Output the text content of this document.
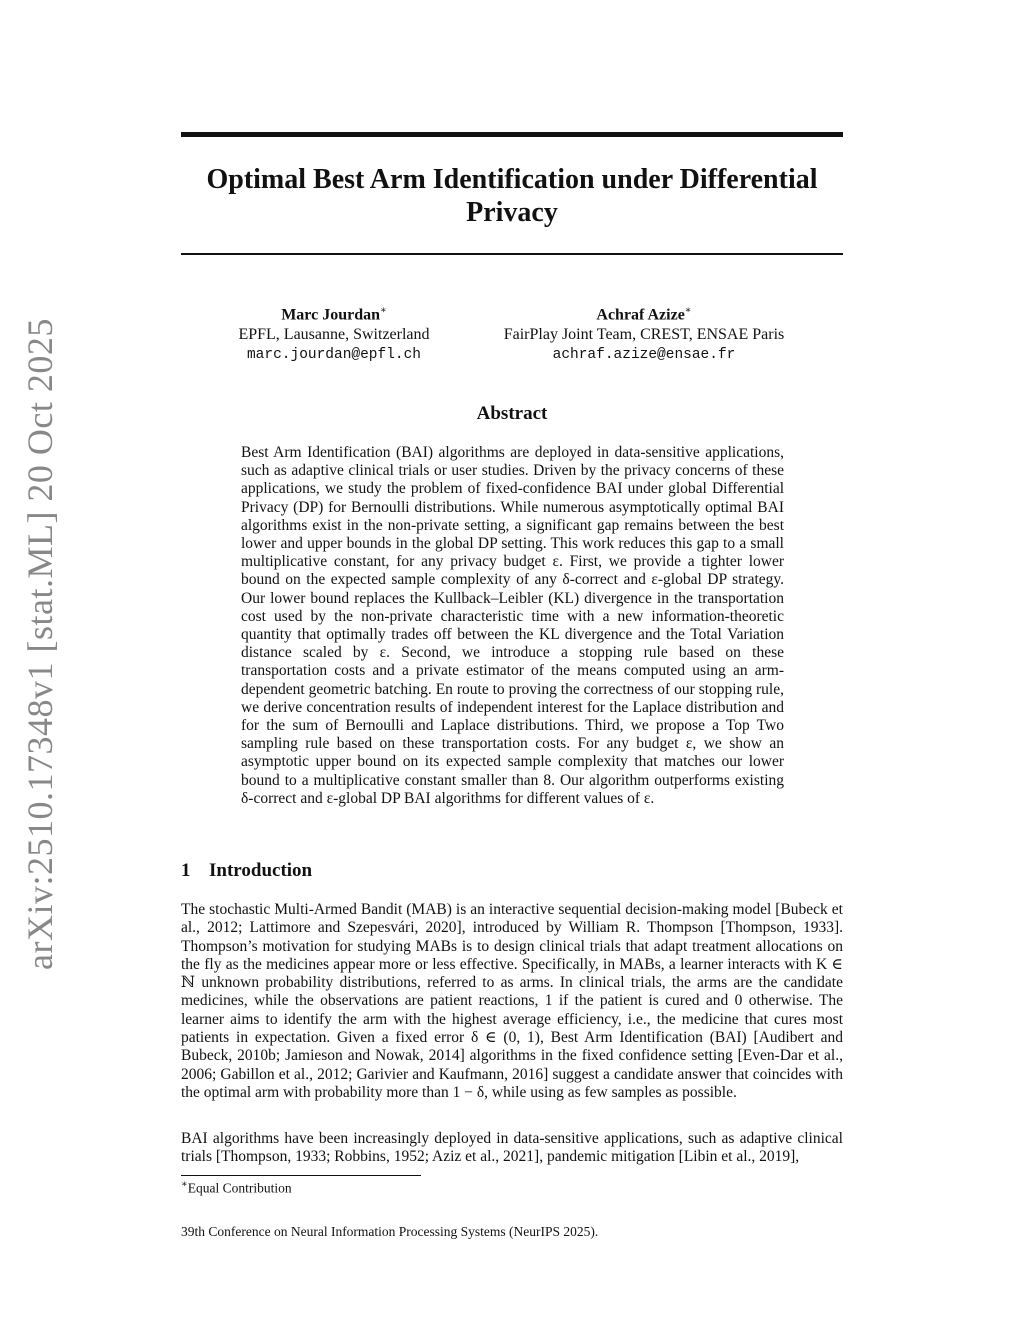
arXiv:2510.17348v1 [stat.ML] 20 Oct 2025
Optimal Best Arm Identification under Differential Privacy
Marc Jourdan∗
EPFL, Lausanne, Switzerland
marc.jourdan@epfl.ch
Achraf Azize∗
FairPlay Joint Team, CREST, ENSAE Paris
achraf.azize@ensae.fr
Abstract
Best Arm Identification (BAI) algorithms are deployed in data-sensitive applications, such as adaptive clinical trials or user studies. Driven by the privacy concerns of these applications, we study the problem of fixed-confidence BAI under global Differential Privacy (DP) for Bernoulli distributions. While numerous asymptotically optimal BAI algorithms exist in the non-private setting, a significant gap remains between the best lower and upper bounds in the global DP setting. This work reduces this gap to a small multiplicative constant, for any privacy budget ε. First, we provide a tighter lower bound on the expected sample complexity of any δ-correct and ε-global DP strategy. Our lower bound replaces the Kullback–Leibler (KL) divergence in the transportation cost used by the non-private characteristic time with a new information-theoretic quantity that optimally trades off between the KL divergence and the Total Variation distance scaled by ε. Second, we introduce a stopping rule based on these transportation costs and a private estimator of the means computed using an arm-dependent geometric batching. En route to proving the correctness of our stopping rule, we derive concentration results of independent interest for the Laplace distribution and for the sum of Bernoulli and Laplace distributions. Third, we propose a Top Two sampling rule based on these transportation costs. For any budget ε, we show an asymptotic upper bound on its expected sample complexity that matches our lower bound to a multiplicative constant smaller than 8. Our algorithm outperforms existing δ-correct and ε-global DP BAI algorithms for different values of ε.
1 Introduction
The stochastic Multi-Armed Bandit (MAB) is an interactive sequential decision-making model [Bubeck et al., 2012; Lattimore and Szepesvári, 2020], introduced by William R. Thompson [Thompson, 1933]. Thompson’s motivation for studying MABs is to design clinical trials that adapt treatment allocations on the fly as the medicines appear more or less effective. Specifically, in MABs, a learner interacts with K ∈ ℕ unknown probability distributions, referred to as arms. In clinical trials, the arms are the candidate medicines, while the observations are patient reactions, 1 if the patient is cured and 0 otherwise. The learner aims to identify the arm with the highest average efficiency, i.e., the medicine that cures most patients in expectation. Given a fixed error δ ∈ (0, 1), Best Arm Identification (BAI) [Audibert and Bubeck, 2010b; Jamieson and Nowak, 2014] algorithms in the fixed confidence setting [Even-Dar et al., 2006; Gabillon et al., 2012; Garivier and Kaufmann, 2016] suggest a candidate answer that coincides with the optimal arm with probability more than 1 − δ, while using as few samples as possible.
BAI algorithms have been increasingly deployed in data-sensitive applications, such as adaptive clinical trials [Thompson, 1933; Robbins, 1952; Aziz et al., 2021], pandemic mitigation [Libin et al., 2019],
∗Equal Contribution
39th Conference on Neural Information Processing Systems (NeurIPS 2025).
